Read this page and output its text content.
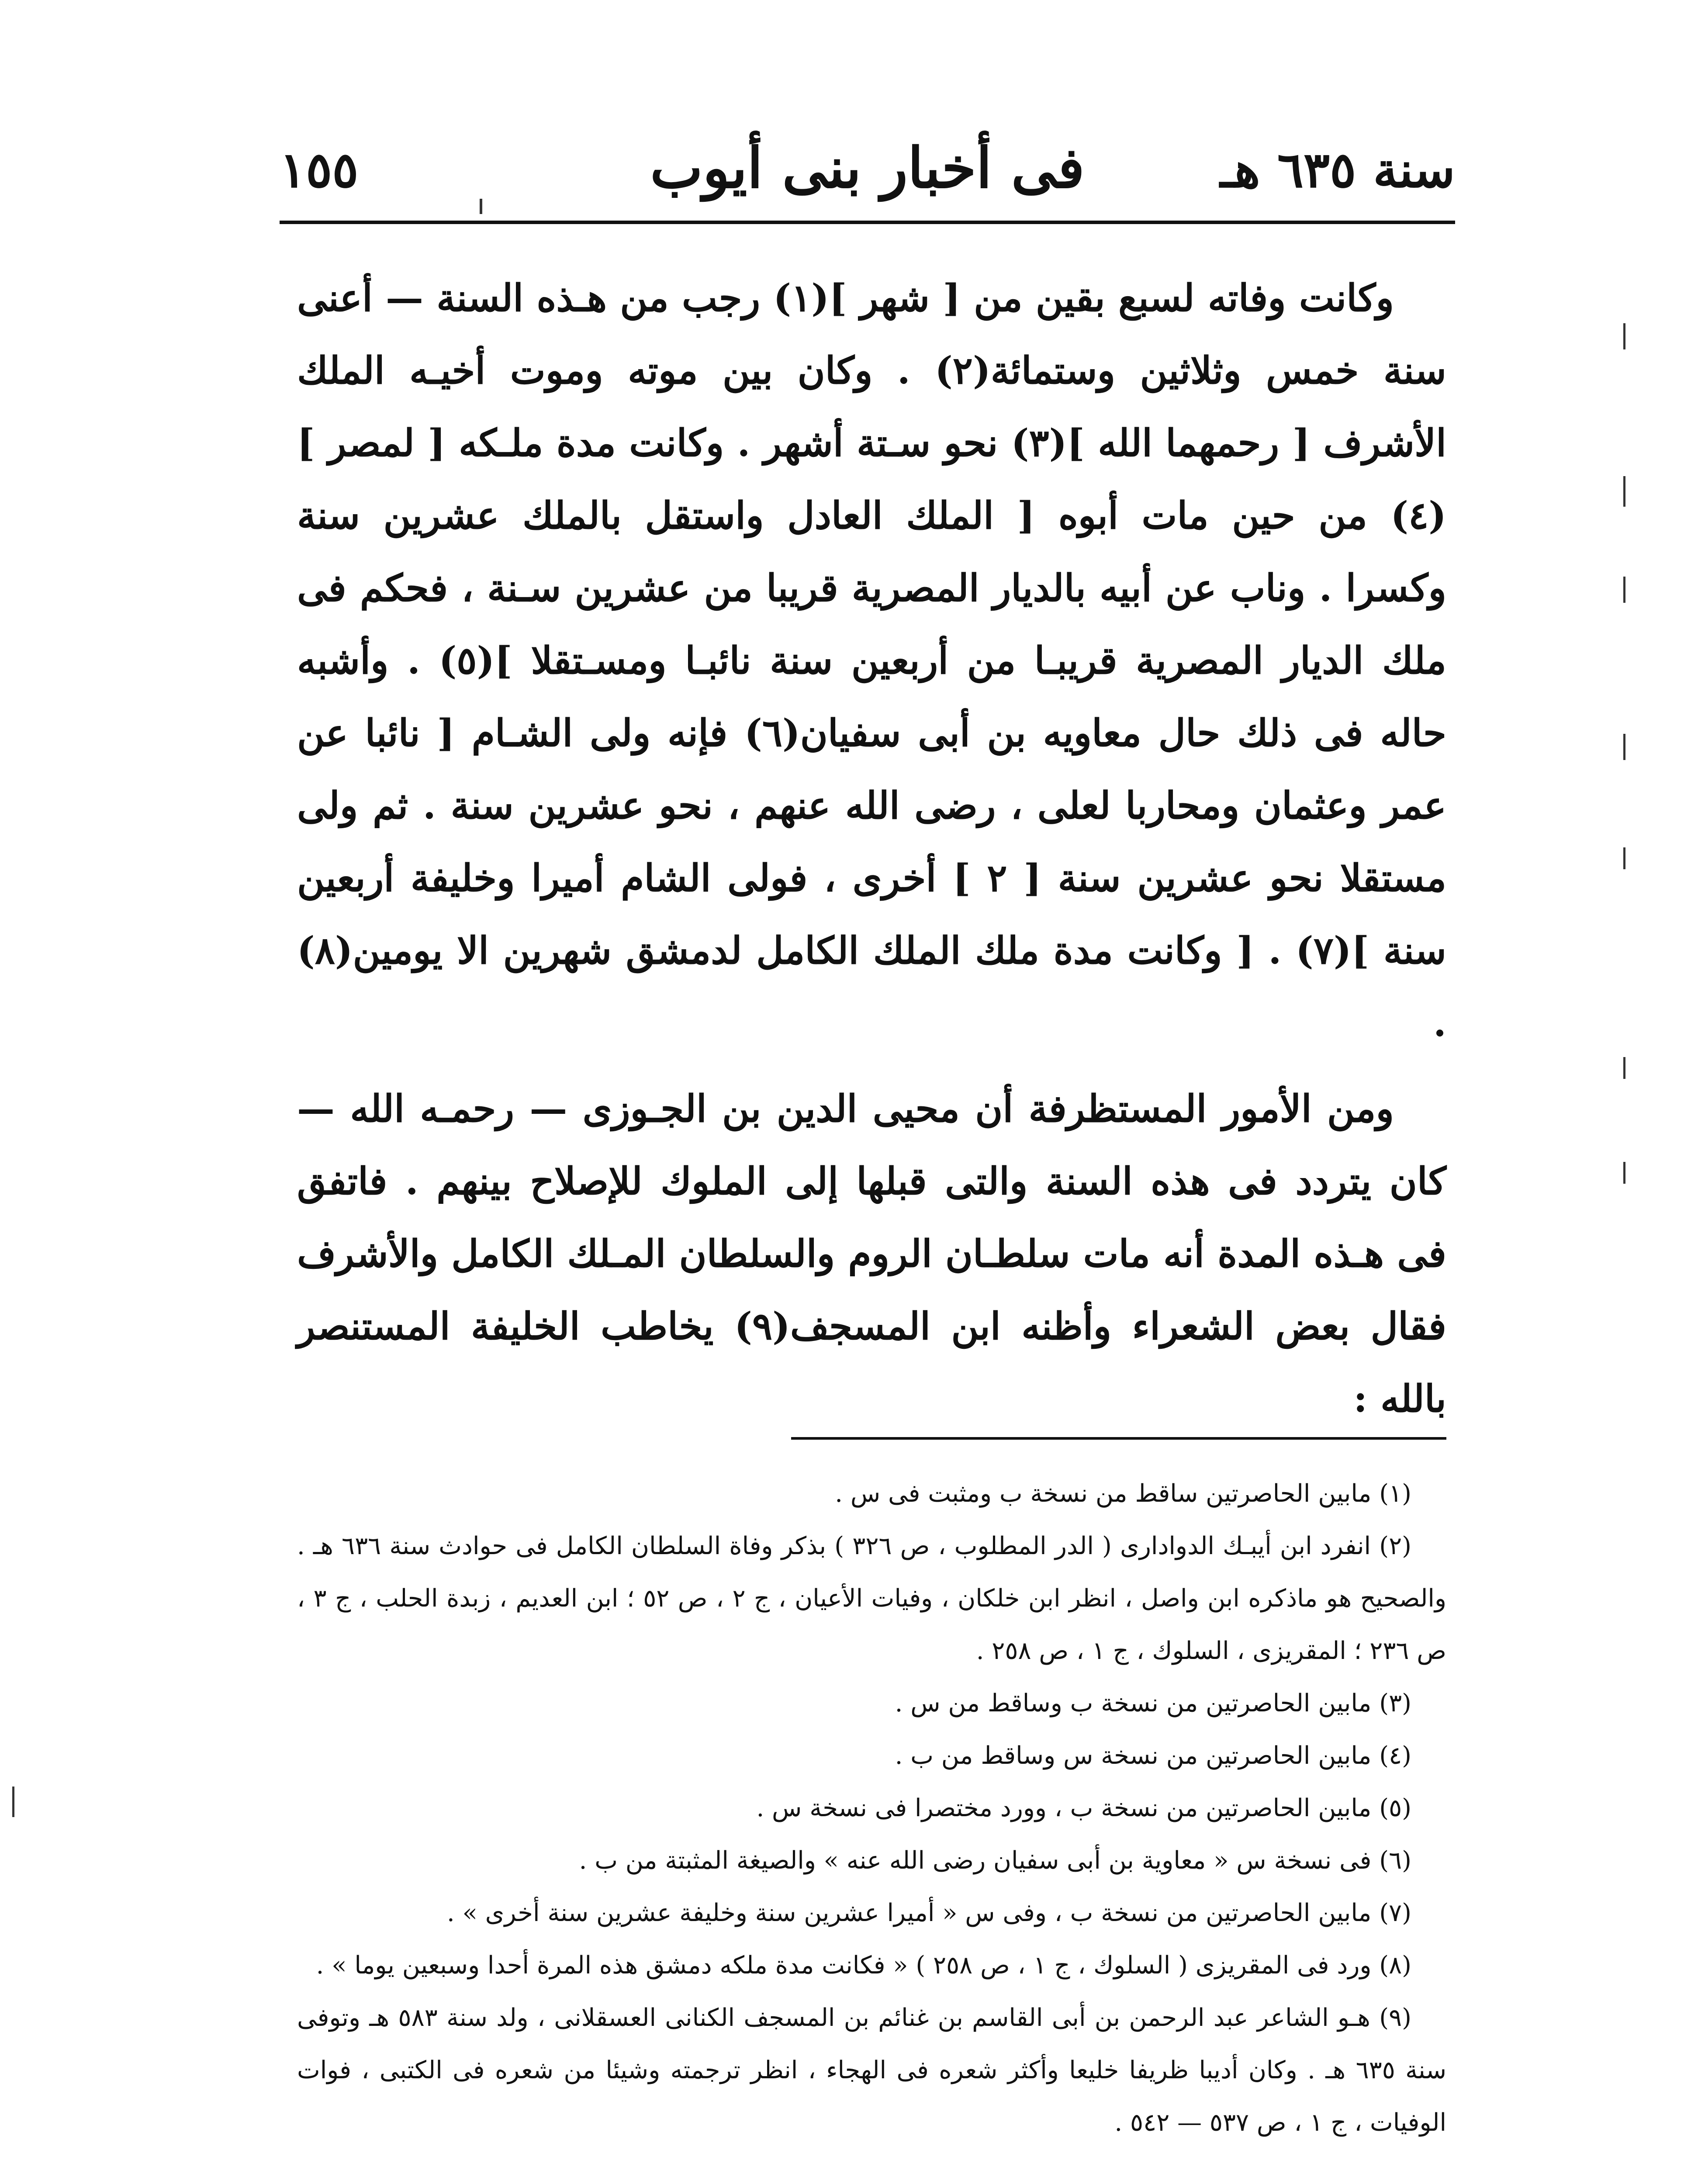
سنة ٦٣٥ هـ
فى أخبار بنى أيوب
١٥٥

وكانت وفاته لسبع بقين من [ شهر ](١) رجب من هـذه السنة — أعنى سنة خمس وثلاثين وستمائة(٢) . وكان بين موته وموت أخيـه الملك الأشرف [ رحمهما الله ](٣) نحو سـتة أشهر . وكانت مدة ملـكه [ لمصر ](٤) من حين مات أبوه [ الملك العادل واستقل بالملك عشرين سنة وكسرا . وناب عن أبيه بالديار المصرية قريبا من عشرين سـنة ، فحكم فى ملك الديار المصرية قريبـا من أربعين سنة نائبـا ومسـتقلا ](٥) . وأشبه حاله فى ذلك حال معاويه بن أبى سفيان(٦) فإنه ولى الشـام [ نائبا عن عمر وعثمان ومحاربا لعلى ، رضى الله عنهم ، نحو عشرين سنة . ثم ولى مستقلا نحو عشرين سنة [ ٢ ] أخرى ، فولى الشام أميرا وخليفة أربعين سنة ](٧) . [ وكانت مدة ملك الملك الكامل لدمشق شهرين الا يومين(٨) .

ومن الأمور المستظرفة أن محيى الدين بن الجـوزى — رحمـه الله — كان يتردد فى هذه السنة والتى قبلها إلى الملوك للإصلاح بينهم . فاتفق فى هـذه المدة أنه مات سلطـان الروم والسلطان المـلك الكامل والأشرف فقال بعض الشعراء وأظنه ابن المسجف(٩) يخاطب الخليفة المستنصر بالله :

(١) مابين الحاصرتين ساقط من نسخة ب ومثبت فى س .

(٢) انفرد ابن أيبـك الدوادارى ( الدر المطلوب ، ص ٣٢٦ ) بذكر وفاة السلطان الكامل فى حوادث سنة ٦٣٦ هـ . والصحيح هو ماذكره ابن واصل ، انظر ابن خلكان ، وفيات الأعيان ، ج ٢ ، ص ٥٢ ؛ ابن العديم ، زبدة الحلب ، ج ٣ ، ص ٢٣٦ ؛ المقريزى ، السلوك ، ج ١ ، ص ٢٥٨ .

(٣) مابين الحاصرتين من نسخة ب وساقط من س .

(٤) مابين الحاصرتين من نسخة س وساقط من ب .

(٥) مابين الحاصرتين من نسخة ب ، وورد مختصرا فى نسخة س .

(٦) فى نسخة س « معاوية بن أبى سفيان رضى الله عنه » والصيغة المثبتة من ب .

(٧) مابين الحاصرتين من نسخة ب ، وفى س « أميرا عشرين سنة وخليفة عشرين سنة أخرى » .

(٨) ورد فى المقريزى ( السلوك ، ج ١ ، ص ٢٥٨ ) « فكانت مدة ملكه دمشق هذه المرة أحدا وسبعين يوما » .

(٩) هـو الشاعر عبد الرحمن بن أبى القاسم بن غنائم بن المسجف الكنانى العسقلانى ، ولد سنة ٥٨٣ هـ وتوفى سنة ٦٣٥ هـ . وكان أديبا ظريفا خليعا وأكثر شعره فى الهجاء ، انظر ترجمته وشيئا من شعره فى الكتبى ، فوات الوفيات ، ج ١ ، ص ٥٣٧ — ٥٤٢ .
